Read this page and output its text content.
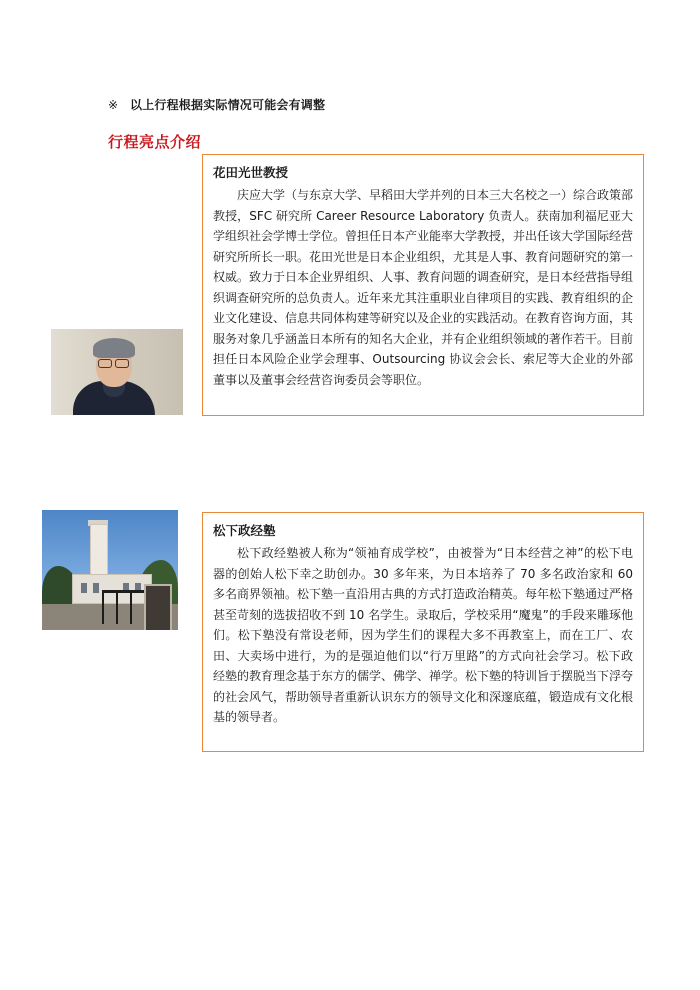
※ 以上行程根据实际情况可能会有调整
行程亮点介绍
花田光世教授

庆应大学（与东京大学、早稻田大学并列的日本三大名校之一）综合政策部教授，SFC 研究所 Career Resource Laboratory 负责人。获南加利福尼亚大学组织社会学博士学位。曾担任日本产业能率大学教授，并出任该大学国际经营研究所所长一职。花田光世是日本企业组织，尤其是人事、教育问题研究的第一权威。致力于日本企业界组织、人事、教育问题的调查研究，是日本经营指导组织调查研究所的总负责人。近年来尤其注重职业自律项目的实践、教育组织的企业文化建设、信息共同体构建等研究以及企业的实践活动。在教育咨询方面，其服务对象几乎涵盖日本所有的知名大企业，并有企业组织领域的著作若干。目前担任日本风险企业学会理事、Outsourcing 协议会会长、索尼等大企业的外部董事以及董事会经营咨询委员会等职位。

松下政经塾

松下政经塾被人称为“领袖育成学校”，由被誉为“日本经营之神”的松下电器的创始人松下幸之助创办。30 多年来，为日本培养了 70 多名政治家和 60 多名商界领袖。松下塾一直沿用古典的方式打造政治精英。每年松下塾通过严格甚至苛刻的选拔招收不到 10 名学生。录取后，学校采用“魔鬼”的手段来雕琢他们。松下塾没有常设老师，因为学生们的课程大多不再教室上，而在工厂、农田、大卖场中进行，为的是强迫他们以“行万里路”的方式向社会学习。松下政经塾的教育理念基于东方的儒学、佛学、禅学。松下塾的特训旨于摆脱当下浮夸的社会风气，帮助领导者重新认识东方的领导文化和深邃底蕴，锻造成有文化根基的领导者。
